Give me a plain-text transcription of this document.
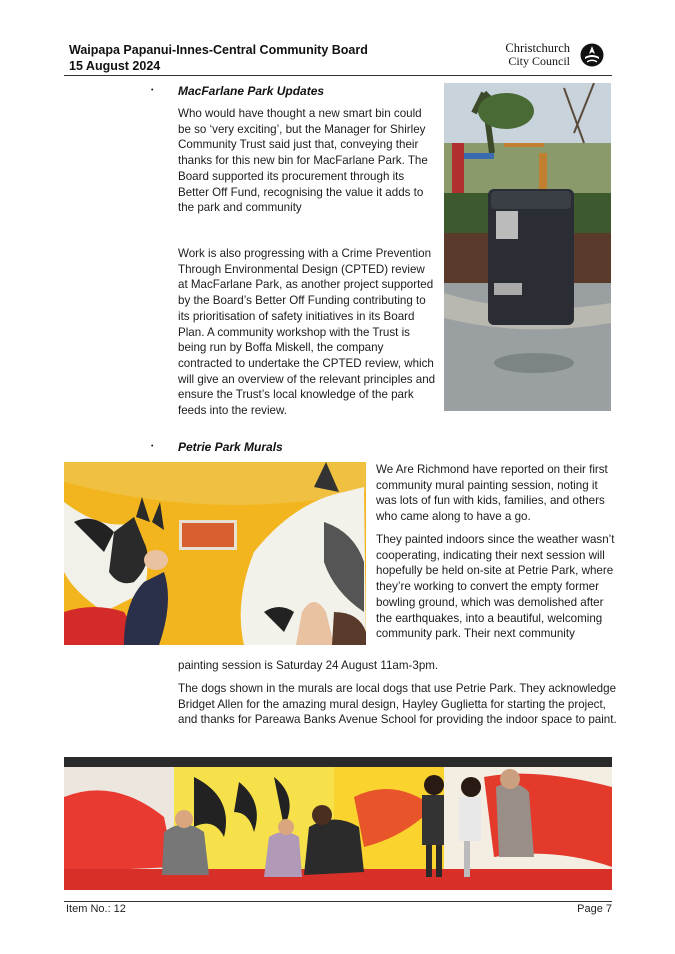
Waipapa Papanui-Innes-Central Community Board
15 August 2024
Christchurch
City Council
• MacFarlane Park Updates

Who would have thought a new smart bin could be so ‘very exciting’, but the Manager for Shirley Community Trust said just that, conveying their thanks for this new bin for MacFarlane Park. The Board supported its procurement through its Better Off Fund, recognising the value it adds to the park and community

Work is also progressing with a Crime Prevention Through Environmental Design (CPTED) review at MacFarlane Park, as another project supported by the Board’s Better Off Funding contributing to its prioritisation of safety initiatives in its Board Plan. A community workshop with the Trust is being run by Boffa Miskell, the company contracted to undertake the CPTED review, which will give an overview of the relevant principles and ensure the Trust’s local knowledge of the park feeds into the review.

• Petrie Park Murals

We Are Richmond have reported on their first community mural painting session, noting it was lots of fun with kids, families, and others who came along to have a go.

They painted indoors since the weather wasn’t cooperating, indicating their next session will hopefully be held on-site at Petrie Park, where they’re working to convert the empty former bowling ground, which was demolished after the earthquakes, into a beautiful, welcoming community park. Their next community

painting session is Saturday 24 August 11am-3pm.

The dogs shown in the murals are local dogs that use Petrie Park. They acknowledge Bridget Allen for the amazing mural design, Hayley Guglietta for starting the project, and thanks for Pareawa Banks Avenue School for providing the indoor space to paint.

Item No.: 12	Page 7
